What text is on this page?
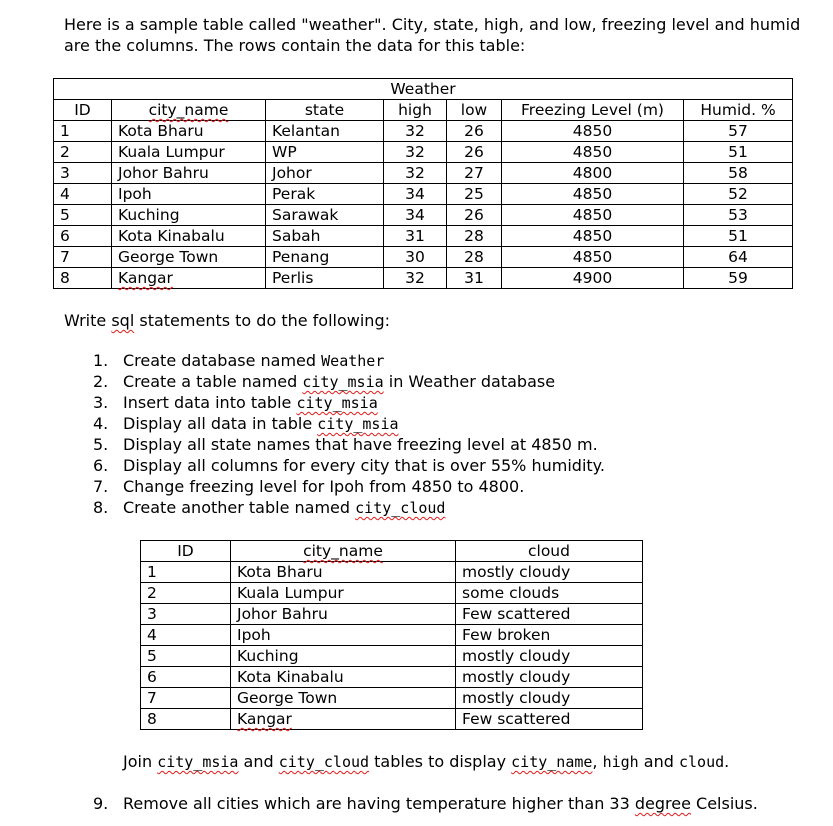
Here is a sample table called "weather". City, state, high, and low, freezing level and humid are the columns. The rows contain the data for this table:

Weather						
ID	city_name	state	high	low	Freezing Level (m)	Humid. %
1	Kota Bharu	Kelantan	32	26	4850	57
2	Kuala Lumpur	WP	32	26	4850	51
3	Johor Bahru	Johor	32	27	4800	58
4	Ipoh	Perak	34	25	4850	52
5	Kuching	Sarawak	34	26	4850	53
6	Kota Kinabalu	Sabah	31	28	4850	51
7	George Town	Penang	30	28	4850	64
8	Kangar	Perlis	32	31	4900	59

Write sql statements to do the following:

1. Create database named Weather
2. Create a table named city_msia in Weather database
3. Insert data into table city_msia
4. Display all data in table city_msia
5. Display all state names that have freezing level at 4850 m.
6. Display all columns for every city that is over 55% humidity.
7. Change freezing level for Ipoh from 4850 to 4800.
8. Create another table named city_cloud
ID	city_name	cloud
1	Kota Bharu	mostly cloudy
2	Kuala Lumpur	some clouds
3	Johor Bahru	Few scattered
4	Ipoh	Few broken
5	Kuching	mostly cloudy
6	Kota Kinabalu	mostly cloudy
7	George Town	mostly cloudy
8	Kangar	Few scattered

Join city_msia and city_cloud tables to display city_name, high and cloud.

9. Remove all cities which are having temperature higher than 33 degree Celsius.
